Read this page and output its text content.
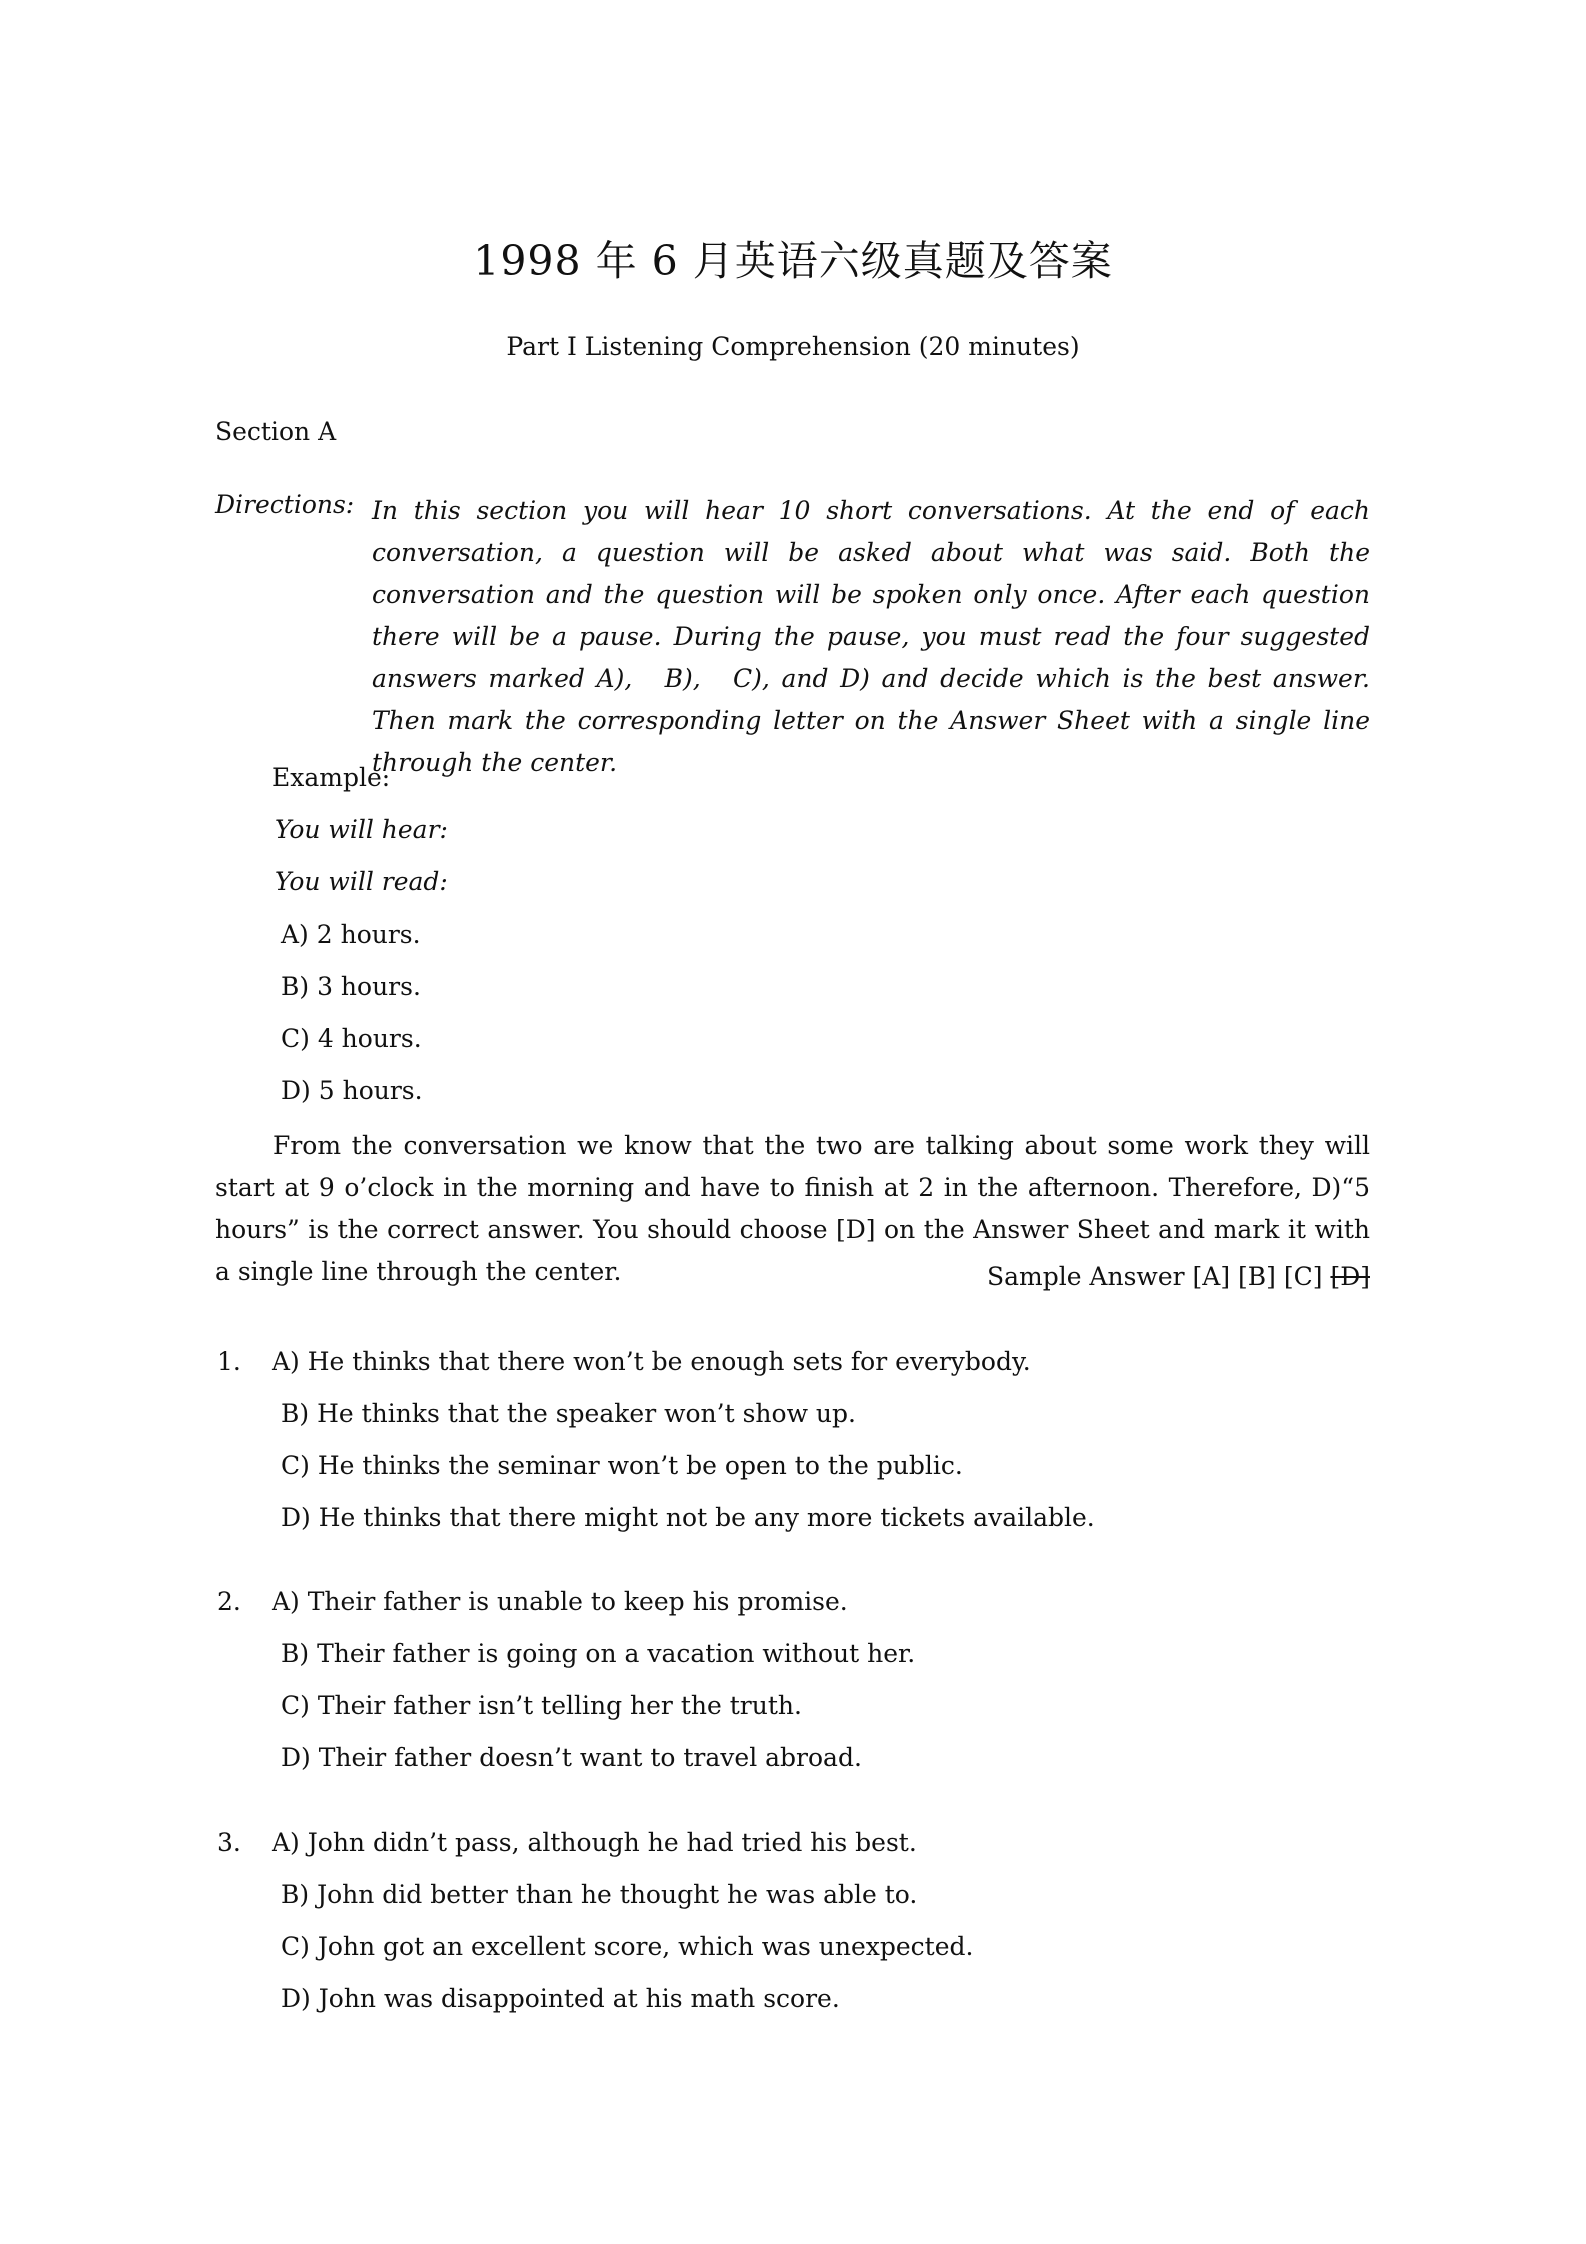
1998 年 6 月英语六级真题及答案
Part I Listening Comprehension (20 minutes)
Section A
Directions: In this section you will hear 10 short conversations. At the end of each conversation, a question will be asked about what was said. Both the conversation and the question will be spoken only once. After each question there will be a pause. During the pause, you must read the four suggested answers marked A),　B),　C), and D) and decide which is the best answer. Then mark the corresponding letter on the Answer Sheet with a single line through the center.
Example:
You will hear:
You will read:
A) 2 hours.
B) 3 hours.
C) 4 hours.
D) 5 hours.
From the conversation we know that the two are talking about some work they will start at 9 o’clock in the morning and have to finish at 2 in the afternoon. Therefore, D)“5 hours” is the correct answer. You should choose [D] on the Answer Sheet and mark it with a single line through the center.	Sample Answer [A] [B] [C] [D]
1. A) He thinks that there won’t be enough sets for everybody.
B) He thinks that the speaker won’t show up.
C) He thinks the seminar won’t be open to the public.
D) He thinks that there might not be any more tickets available.
2. A) Their father is unable to keep his promise.
B) Their father is going on a vacation without her.
C) Their father isn’t telling her the truth.
D) Their father doesn’t want to travel abroad.
3. A) John didn’t pass, although he had tried his best.
B) John did better than he thought he was able to.
C) John got an excellent score, which was unexpected.
D) John was disappointed at his math score.
